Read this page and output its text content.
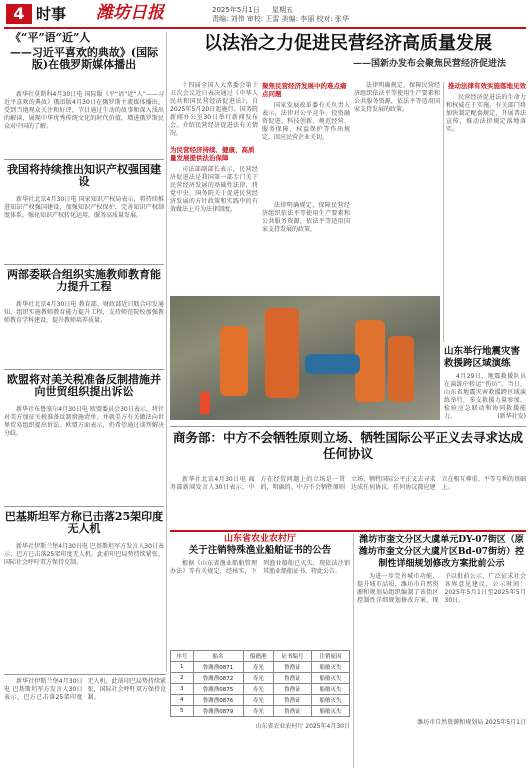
4 时事	潍坊日报	2025年5月1日 星期五
责编: 刘伟 审校: 王雷 美编: 李丽 校对: 张华
《“平”语“近”人
——习近平喜欢的典故》(国际版)在俄罗斯媒体播出
新华社莫斯科4月30日电 国际版《平“语”近“人”——习近平喜欢的典故》俄语版4月30日在俄罗斯主流媒体播出，受到当地观众关注和好评。节目通过生动的故事和深入浅出的解读，展现中华优秀传统文化的时代价值，增进俄罗斯民众对中国的了解。
我国将持续推出知识产权强国建设
新华社北京4月30日电 国家知识产权局表示，将持续推进知识产权强国建设，加强知识产权保护，完善知识产权制度体系，强化知识产权转化运用，服务高质量发展。
两部委联合组织实施教师教育能力提升工程
新华社北京4月30日电 教育部、财政部近日联合印发通知，组织实施教师教育能力提升工程，支持师范院校加强教师教育学科建设，提升教师培养质量。
欧盟将对美关税准备反制措施并向世贸组织提出诉讼
新华社布鲁塞尔4月30日电 欧盟委员会30日表示，将针对美方加征关税准备反制措施清单，并就美方有关做法向世界贸易组织提出诉讼。欧盟方面表示，仍希望通过谈判解决分歧。
巴基斯坦军方称已击落25架印度无人机
新华社伊斯兰堡4月30日电 巴基斯坦军方发言人30日表示，巴方已击落25架印度无人机。此前印巴局势持续紧张，国际社会呼吁双方保持克制。
以法治之力促进民营经济高质量发展
——国新办发布会聚焦民营经济促进法
十四届全国人大常委会第十五次会议近日表决通过《中华人民共和国民营经济促进法》，自2025年5月20日起施行。国务院新闻办公室30日举行新闻发布会，介绍民营经济促进法有关情况。
为民营经济持续、健康、高质量发展提供法治保障
司法部副部长表示，民营经济促进法是我国第一部专门关于民营经济发展的基础性法律，将党中央、国务院关于促进民营经济发展的方针政策和实践中的有效做法上升为法律制度。
聚焦民营经济发展中的难点痛点问题
国家发展改革委有关负责人表示，法律对公平竞争、投资融资促进、科技创新、规范经营、服务保障、权益保护等作出规定，回应民营企业关切。
法律明确规定，保障民营经济组织依法平等使用生产要素和公共服务资源，依法平等适用国家支持发展的政策。
法律明确规定，保障民营经济组织依法平等使用生产要素和公共服务资源，依法平等适用国家支持发展的政策。
推动法律有效实施落地见效
民营经济促进法的生命力和权威在于实施。有关部门将加快制定配套规定，开展普法宣传，推动法律规定落地落实。
山东举行地震灾害救援跨区域演练
4月29日，地震救援队员在演练中转运“伤员”。当日，山东省地震灾害救援跨区域演练举行，多支救援力量参加，检验应急联动和协同救援能力。	(新华社发)
商务部：中方不会牺牲原则立场、牺牲国际公平正义去寻求达成任何协议
新华社北京4月30日电 商务部新闻发言人30日表示，中方在经贸问题上的立场是一贯的、明确的。中方不会牺牲原则立场、牺牲国际公平正义去寻求达成任何协议。任何协议都应建立在相互尊重、平等互利的基础上。
山东省农业农村厅
关于注销特殊渔业船舶证书的公告
根据《山东省渔业船舶管理办法》等有关规定，经核实，下列渔业船舶已灭失，现依法注销其渔业船舶证书，特此公告。
序号	船名	船籍港	证书编号	注销原因
1	鲁潍渔0871	寿光	鲁渔证	船舶灭失
2	鲁潍渔0872	寿光	鲁渔证	船舶灭失
3	鲁潍渔0875	寿光	鲁渔证	船舶灭失
4	鲁潍渔0876	寿光	鲁渔证	船舶灭失
5	鲁潍渔0879	寿光	鲁渔证	船舶灭失
山东省农业农村厅 2025年4月30日
潍坊市奎文分区大虞单元DY-07街区（原潍坊市奎文分区大虞片区Bd-07街坊）控制性详细规划修改方案批前公示
为进一步完善城市功能，提升城市品质，潍坊市自然资源和规划局组织编制了该街区控制性详细规划修改方案，现予以批前公示，广泛征求社会各界意见建议。公示时间：2025年5月1日至2025年5月30日。
潍坊市自然资源和规划局 2025年5月1日
新华社伊斯兰堡4月30日电 巴基斯坦军方发言人30日表示，巴方已击落25架印度无人机。此前印巴局势持续紧张，国际社会呼吁双方保持克制。
